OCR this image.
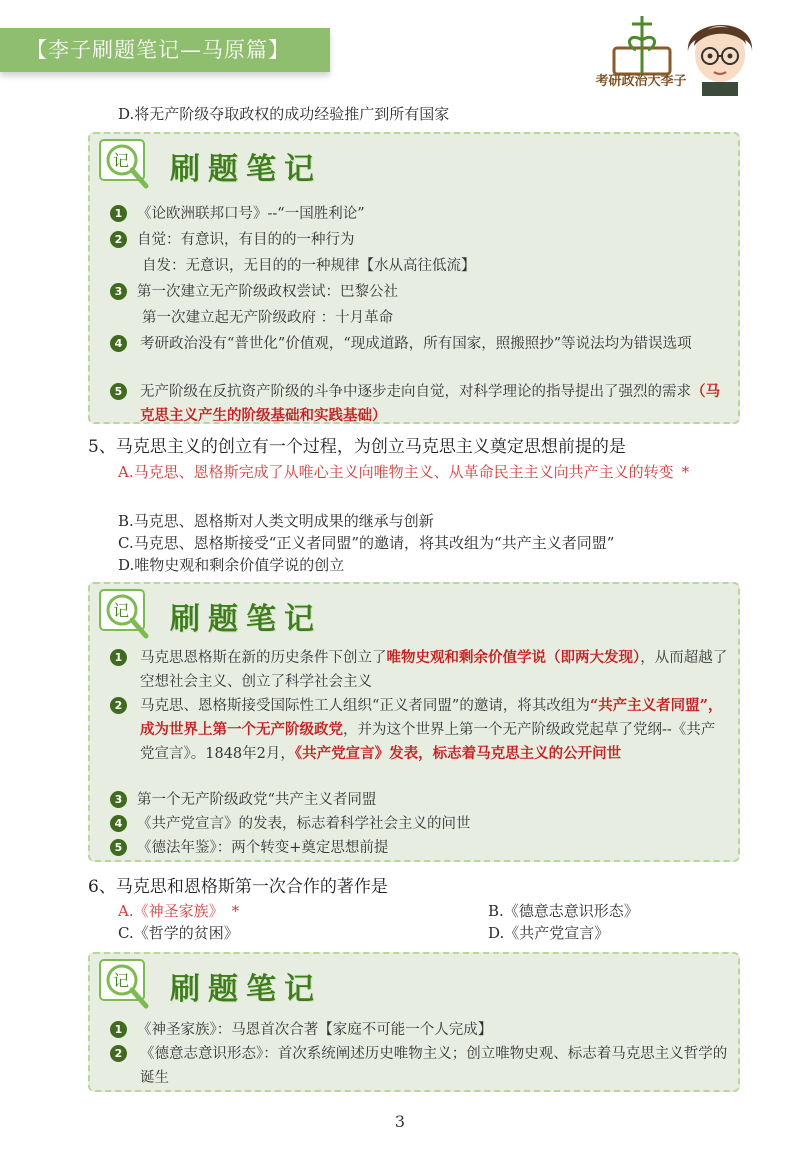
【李子刷题笔记—马原篇】
考研政治大李子
D.将无产阶级夺取政权的成功经验推广到所有国家
记 刷题笔记
1 《论欧洲联邦口号》--“一国胜利论”
2 自觉：有意识，有目的的一种行为
自发：无意识，无目的的一种规律【水从高往低流】
3 第一次建立无产阶级政权尝试：巴黎公社
第一次建立起无产阶级政府 ：十月革命
4 考研政治没有“普世化”价值观，“现成道路，所有国家，照搬照抄”等说法均为错误选项
5 无产阶级在反抗资产阶级的斗争中逐步走向自觉，对科学理论的指导提出了强烈的需求（马克思主义产生的阶级基础和实践基础）
5、马克思主义的创立有一个过程，为创立马克思主义奠定思想前提的是
A.马克思、恩格斯完成了从唯心主义向唯物主义、从革命民主主义向共产主义的转变 *
B.马克思、恩格斯对人类文明成果的继承与创新
C.马克思、恩格斯接受“正义者同盟”的邀请，将其改组为“共产主义者同盟”
D.唯物史观和剩余价值学说的创立
记 刷题笔记
1 马克思恩格斯在新的历史条件下创立了唯物史观和剩余价值学说（即两大发现），从而超越了空想社会主义、创立了科学社会主义
2 马克思、恩格斯接受国际性工人组织“正义者同盟”的邀请，将其改组为“共产主义者同盟”，成为世界上第一个无产阶级政党，并为这个世界上第一个无产阶级政党起草了党纲--《共产党宣言》。1848年2月，《共产党宣言》发表，标志着马克思主义的公开问世
3 第一个无产阶级政党“共产主义者同盟
4 《共产党宣言》的发表，标志着科学社会主义的问世
5 《德法年鉴》：两个转变+奠定思想前提
6、马克思和恩格斯第一次合作的著作是
A.《神圣家族》 *	B.《德意志意识形态》
C.《哲学的贫困》	D.《共产党宣言》
记 刷题笔记
1 《神圣家族》：马恩首次合著【家庭不可能一个人完成】
2 《德意志意识形态》：首次系统阐述历史唯物主义；创立唯物史观、标志着马克思主义哲学的诞生
3
